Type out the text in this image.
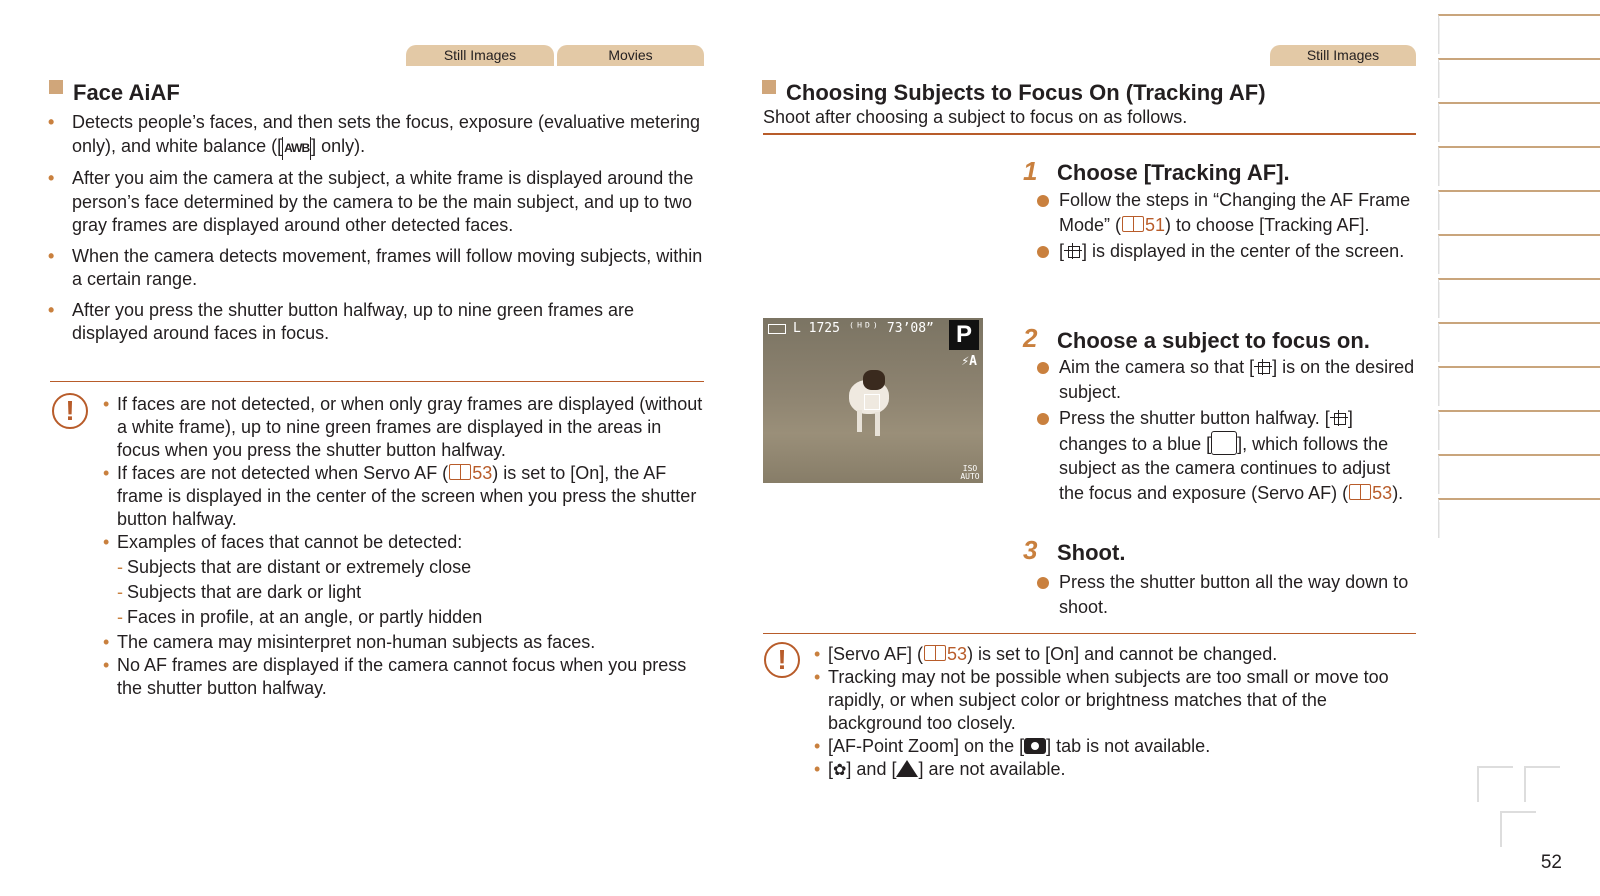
Still Images	Movies
Face AiAF
• Detects people’s faces, and then sets the focus, exposure (evaluative metering only), and white balance ([ AWB ] only).
• After you aim the camera at the subject, a white frame is displayed around the person’s face determined by the camera to be the main subject, and up to two gray frames are displayed around other detected faces.
• When the camera detects movement, frames will follow moving subjects, within a certain range.
• After you press the shutter button halfway, up to nine green frames are displayed around faces in focus.
!	• If faces are not detected, or when only gray frames are displayed (without a white frame), up to nine green frames are displayed in the areas in focus when you press the shutter button halfway.
• If faces are not detected when Servo AF ( 53) is set to [On], the AF frame is displayed in the center of the screen when you press the shutter button halfway.
• Examples of faces that cannot be detected:
- Subjects that are distant or extremely close
- Subjects that are dark or light
- Faces in profile, at an angle, or partly hidden
• The camera may misinterpret non-human subjects as faces.
• No AF frames are displayed if the camera cannot focus when you press the shutter button halfway.
Still Images
Choosing Subjects to Focus On (Tracking AF)
Shoot after choosing a subject to focus on as follows.
L 1725 ⁽ᴴᴰ⁾ 73’08” P
⚡A
ISO AUTO
1 Choose [Tracking AF].
Follow the steps in “Changing the AF Frame Mode” ( 51) to choose [Tracking AF].
[ ] is displayed in the center of the screen.
2 Choose a subject to focus on.
Aim the camera so that [ ] is on the desired subject.
Press the shutter button halfway. [ ] changes to a blue [ ], which follows the subject as the camera continues to adjust the focus and exposure (Servo AF) ( 53).
3 Shoot.
Press the shutter button all the way down to shoot.
!	• [Servo AF] ( 53) is set to [On] and cannot be changed.
• Tracking may not be possible when subjects are too small or move too rapidly, or when subject color or brightness matches that of the background too closely.
• [AF-Point Zoom] on the [ ] tab is not available.
• [✿] and [ ] are not available.
52
